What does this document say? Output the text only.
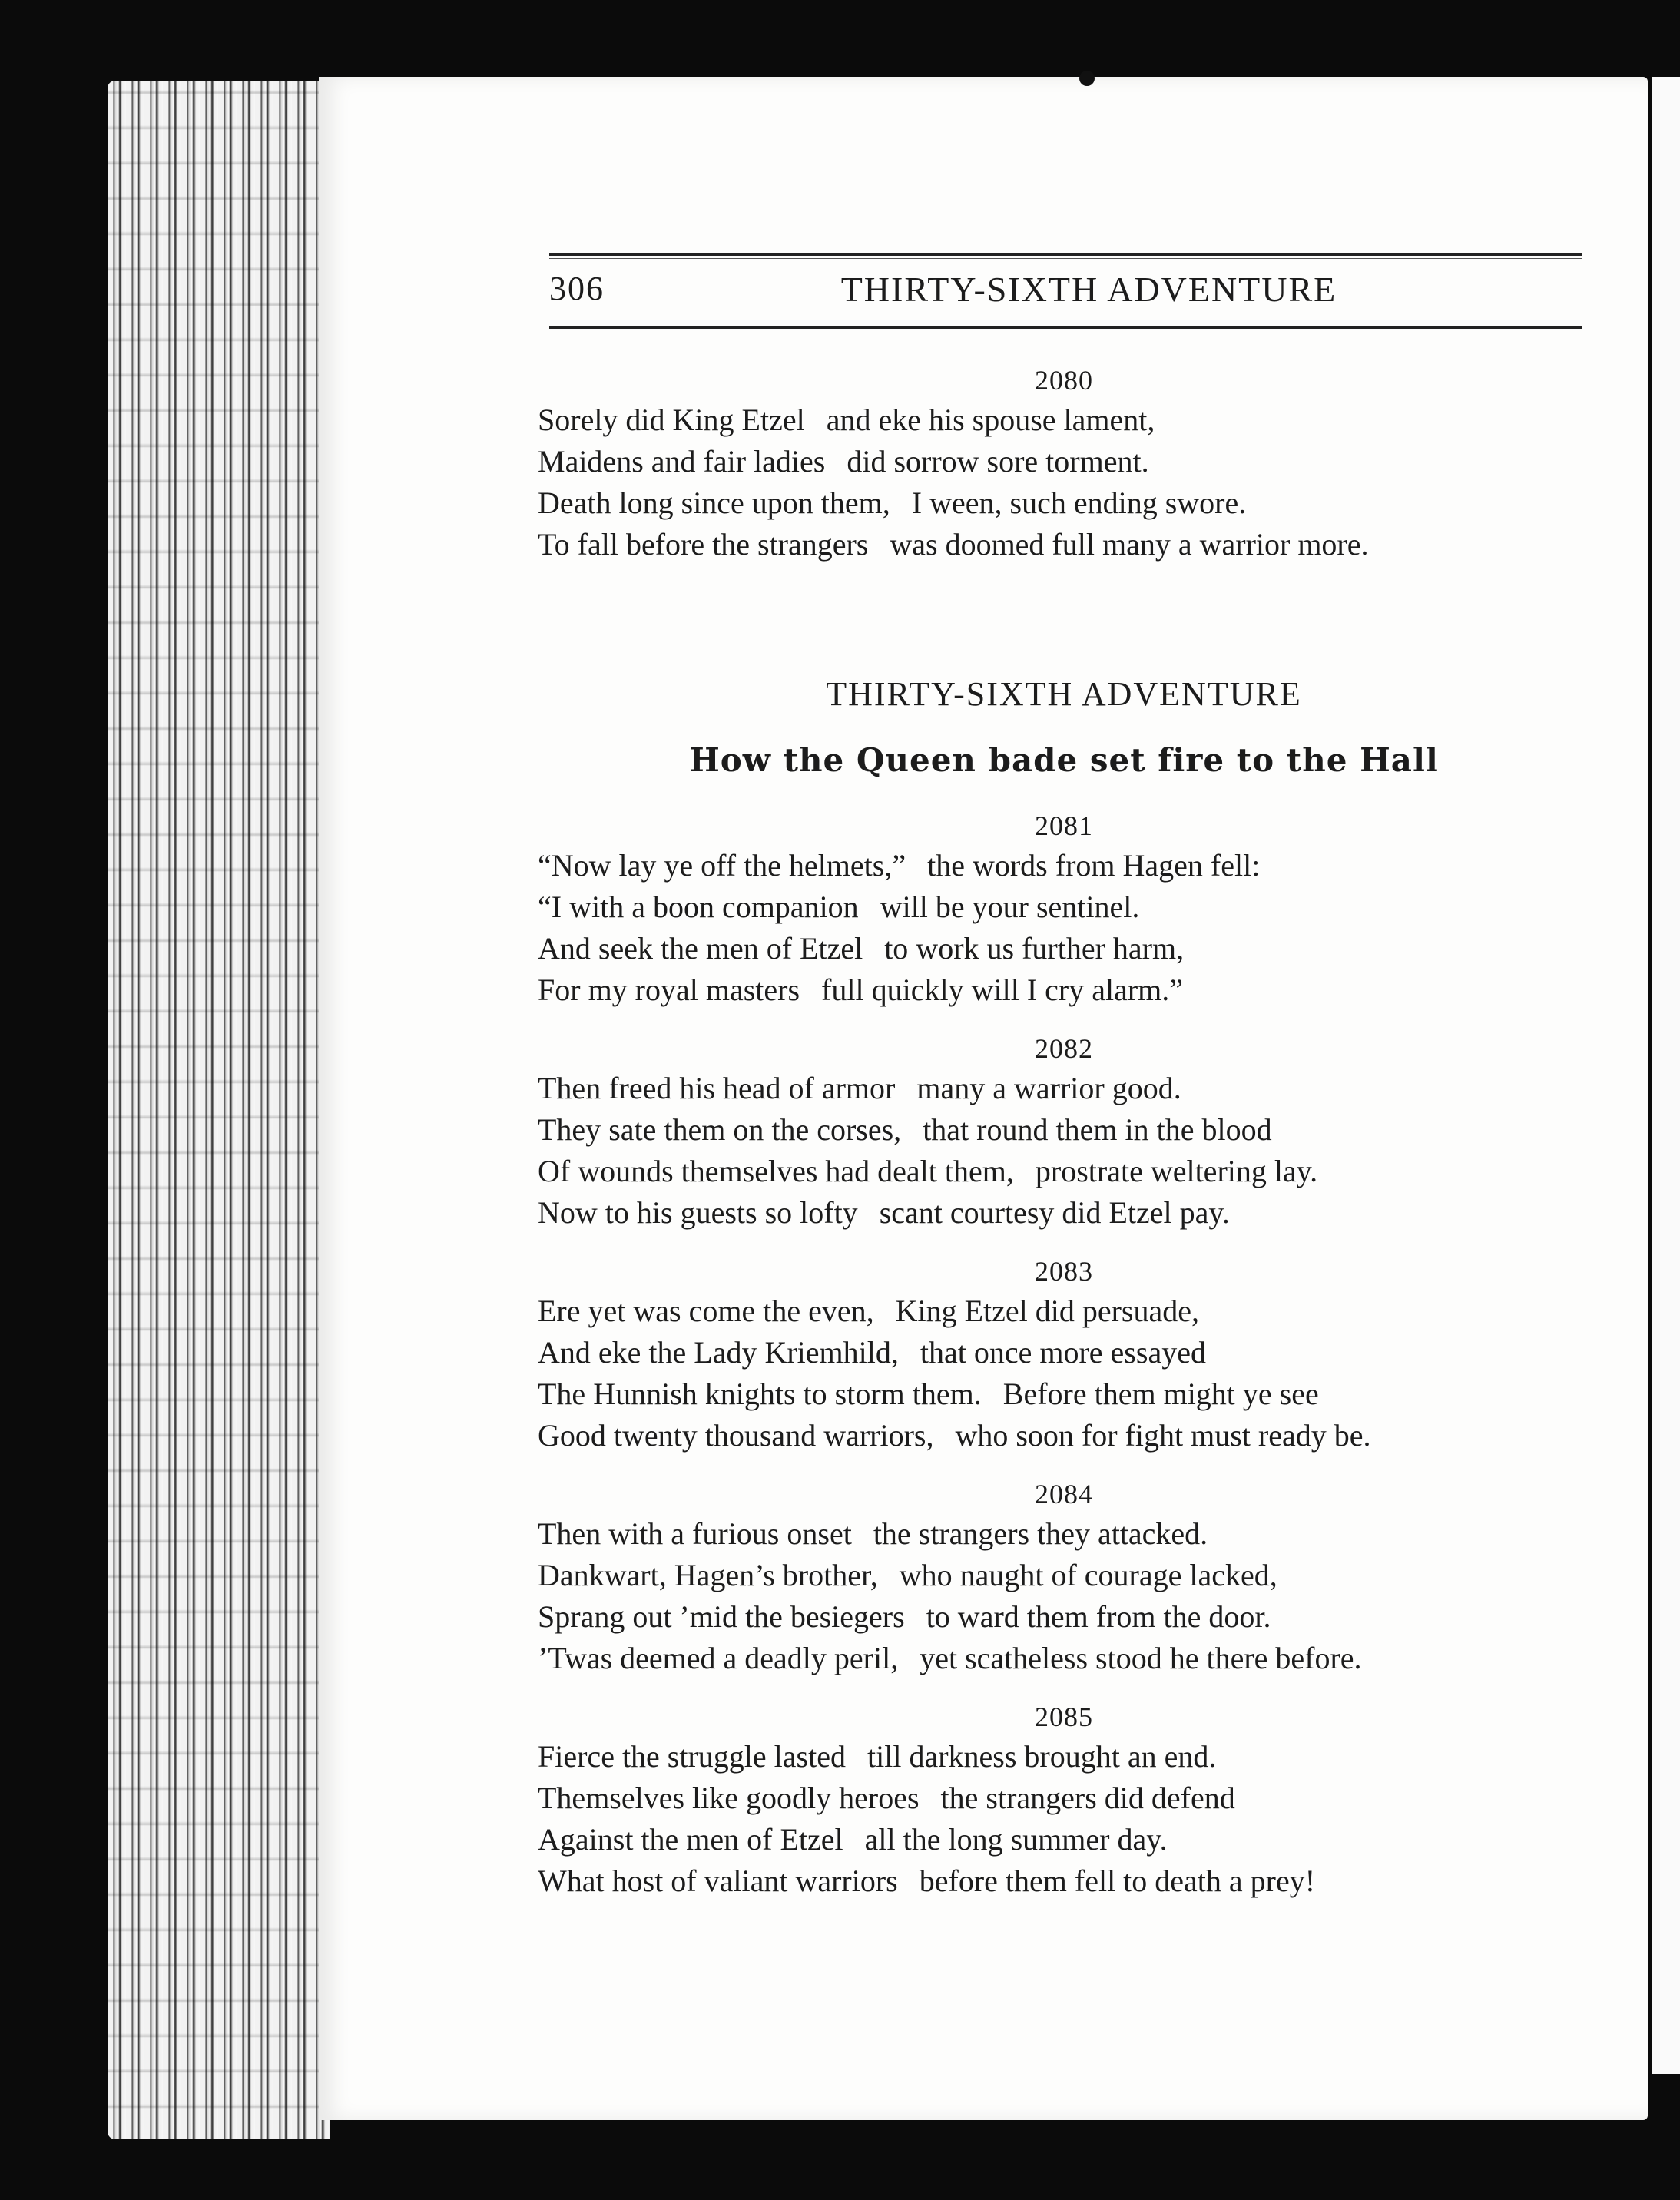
306	THIRTY-SIXTH ADVENTURE
2080
Sorely did King Etzel and eke his spouse lament,
Maidens and fair ladies did sorrow sore torment.
Death long since upon them, I ween, such ending swore.
To fall before the strangers was doomed full many a warrior more.
THIRTY-SIXTH ADVENTURE
How the Queen bade set fire to the Hall
2081
“Now lay ye off the helmets,” the words from Hagen fell:
“I with a boon companion will be your sentinel.
And seek the men of Etzel to work us further harm,
For my royal masters full quickly will I cry alarm.”
2082
Then freed his head of armor many a warrior good.
They sate them on the corses, that round them in the blood
Of wounds themselves had dealt them, prostrate weltering lay.
Now to his guests so lofty scant courtesy did Etzel pay.
2083
Ere yet was come the even, King Etzel did persuade,
And eke the Lady Kriemhild, that once more essayed
The Hunnish knights to storm them. Before them might ye see
Good twenty thousand warriors, who soon for fight must ready be.
2084
Then with a furious onset the strangers they attacked.
Dankwart, Hagen’s brother, who naught of courage lacked,
Sprang out ’mid the besiegers to ward them from the door.
’Twas deemed a deadly peril, yet scatheless stood he there before.
2085
Fierce the struggle lasted till darkness brought an end.
Themselves like goodly heroes the strangers did defend
Against the men of Etzel all the long summer day.
What host of valiant warriors before them fell to death a prey!
